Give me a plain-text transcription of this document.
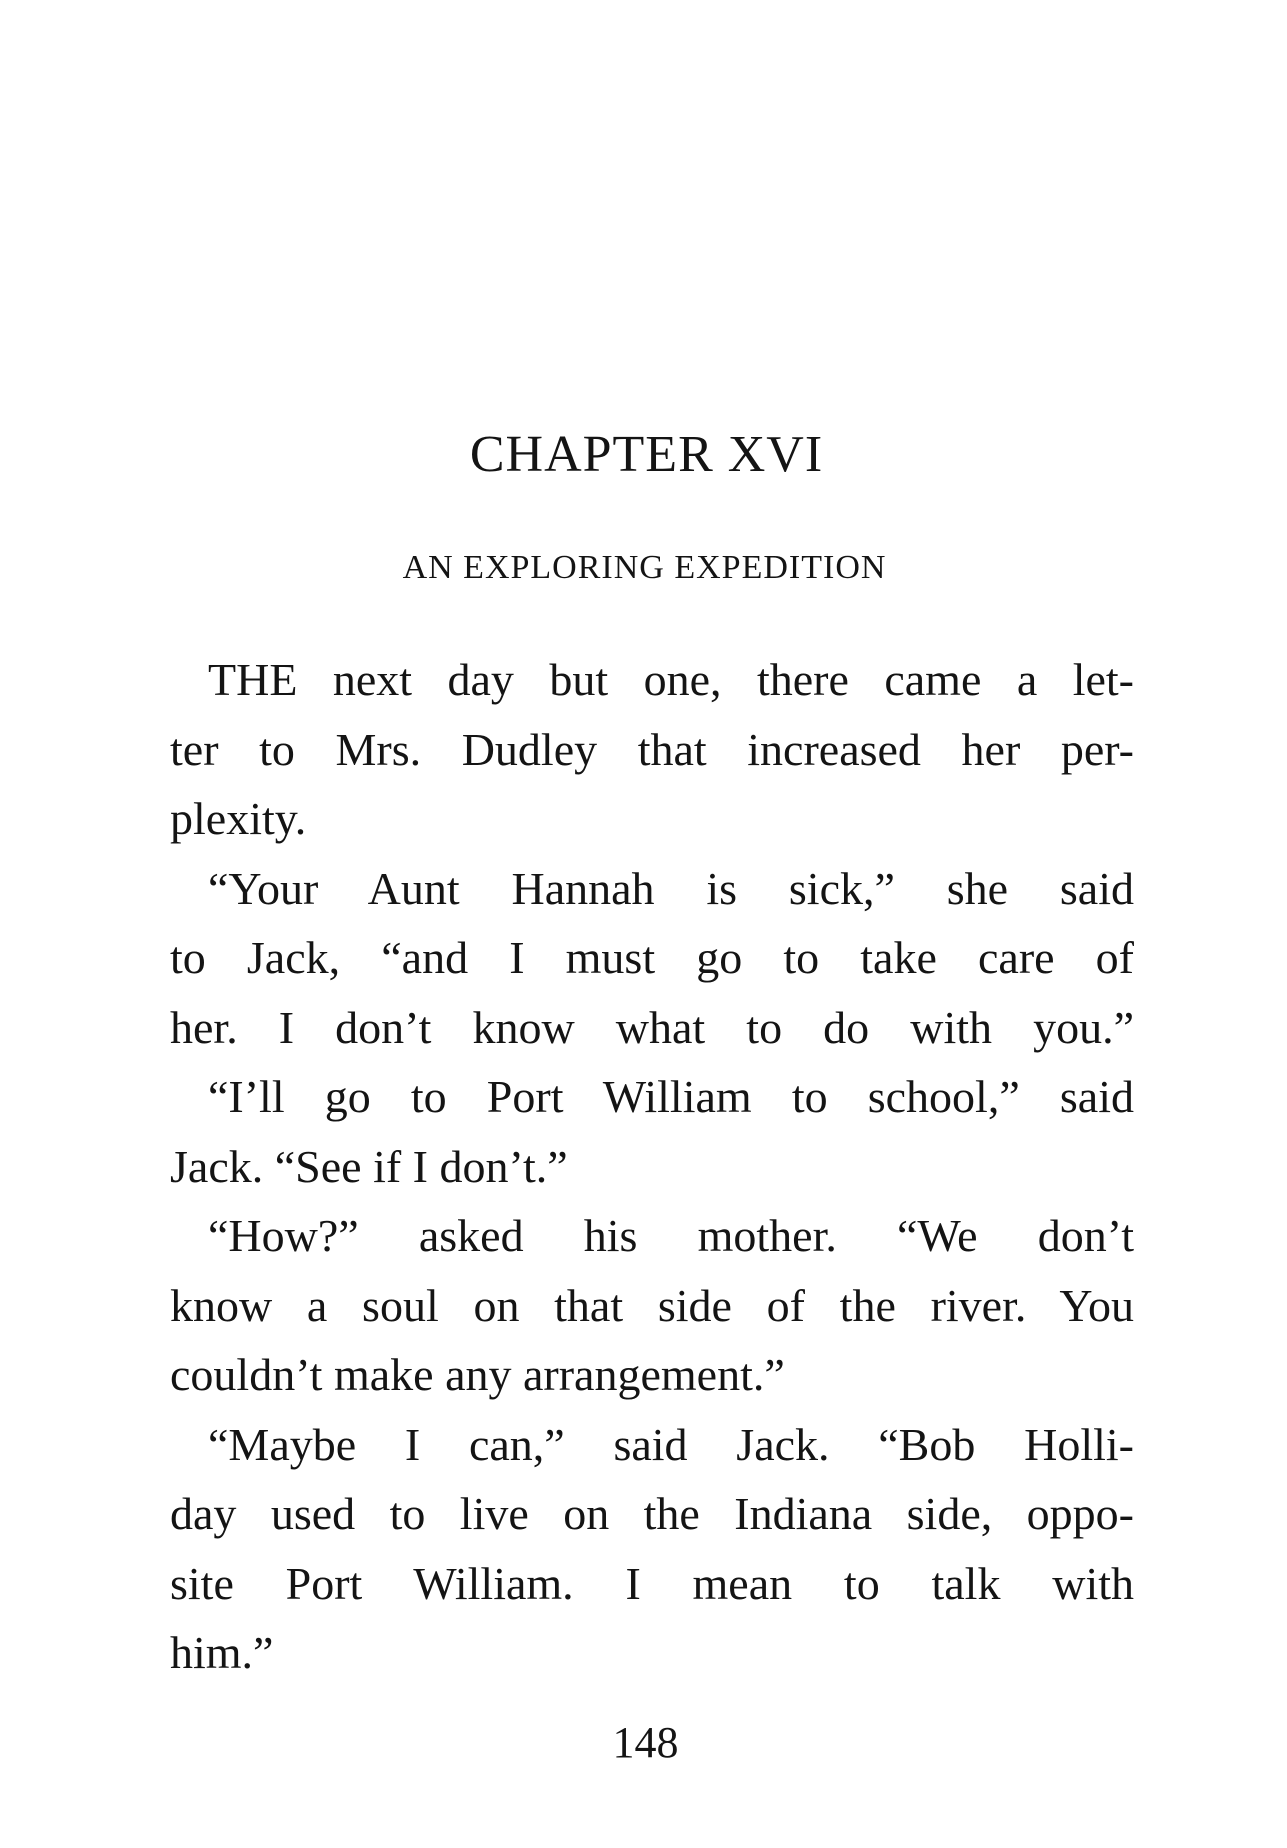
CHAPTER XVI
AN EXPLORING EXPEDITION
THE next day but one, there came a let-
ter to Mrs. Dudley that increased her per-
plexity.
“Your Aunt Hannah is sick,” she said
to Jack, “and I must go to take care of
her. I don’t know what to do with you.”
“I’ll go to Port William to school,” said
Jack. “See if I don’t.”
“How?” asked his mother. “We don’t
know a soul on that side of the river. You
couldn’t make any arrangement.”
“Maybe I can,” said Jack. “Bob Holli-
day used to live on the Indiana side, oppo-
site Port William. I mean to talk with
him.”
148
